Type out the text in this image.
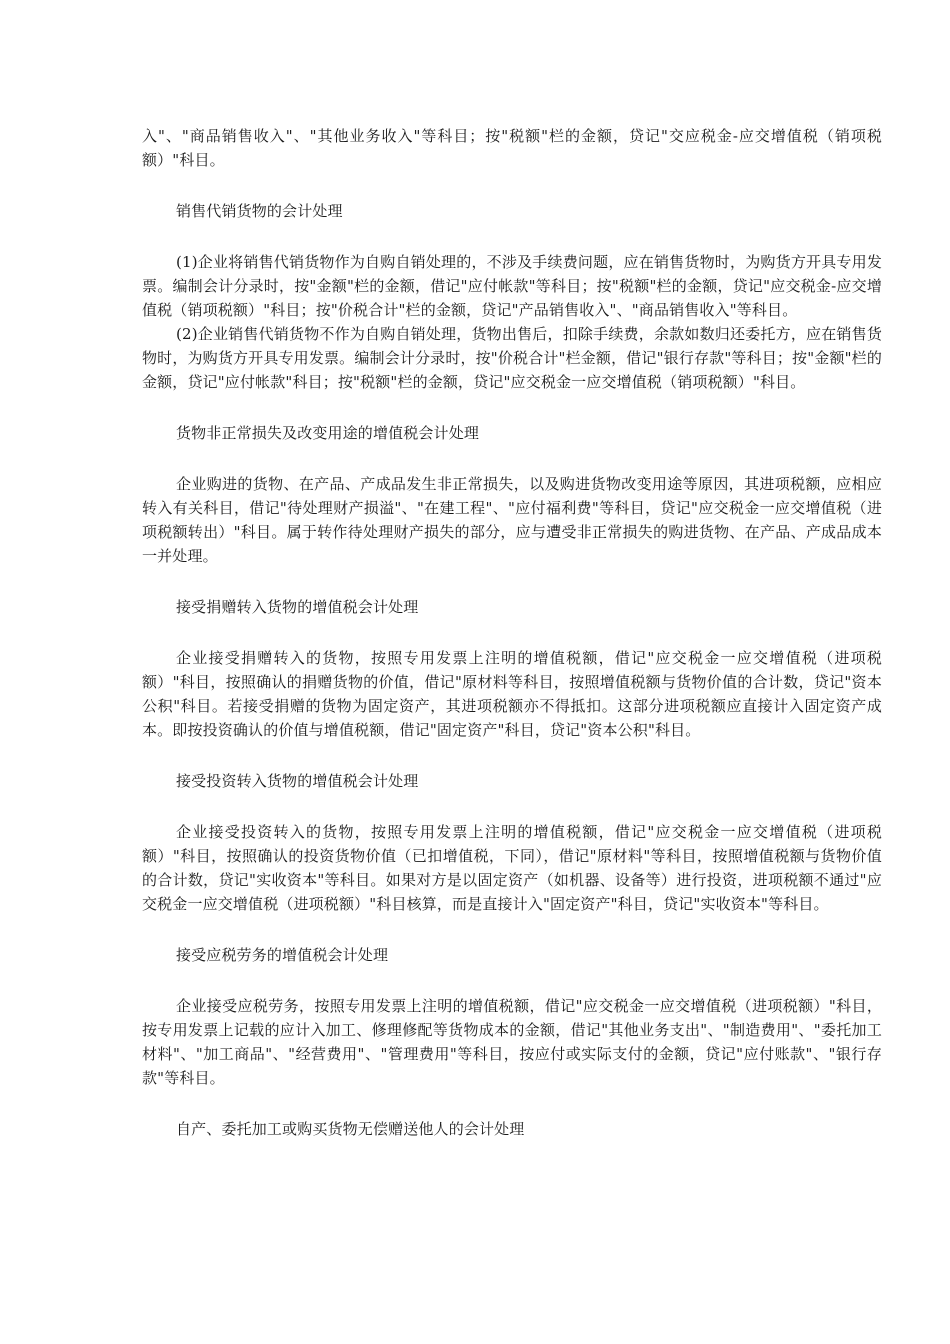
入"、"商品销售收入"、"其他业务收入"等科目；按"税额"栏的金额，贷记"交应税金-应交增值税（销项税额）"科目。

销售代销货物的会计处理

(1)企业将销售代销货物作为自购自销处理的，不涉及手续费问题，应在销售货物时，为购货方开具专用发票。编制会计分录时，按"金额"栏的金额，借记"应付帐款"等科目；按"税额"栏的金额，贷记"应交税金-应交增值税（销项税额）"科目；按"价税合计"栏的金额，贷记"产品销售收入"、"商品销售收入"等科目。

(2)企业销售代销货物不作为自购自销处理，货物出售后，扣除手续费，余款如数归还委托方，应在销售货物时，为购货方开具专用发票。编制会计分录时，按"价税合计"栏金额，借记"银行存款"等科目；按"金额"栏的金额，贷记"应付帐款"科目；按"税额"栏的金额，贷记"应交税金一应交增值税（销项税额）"科目。

货物非正常损失及改变用途的增值税会计处理

企业购进的货物、在产品、产成品发生非正常损失，以及购进货物改变用途等原因，其进项税额，应相应转入有关科目，借记"待处理财产损溢"、"在建工程"、"应付福利费"等科目，贷记"应交税金一应交增值税（进项税额转出）"科目。属于转作待处理财产损失的部分，应与遭受非正常损失的购进货物、在产品、产成品成本一并处理。

接受捐赠转入货物的增值税会计处理

企业接受捐赠转入的货物，按照专用发票上注明的增值税额，借记"应交税金一应交增值税（进项税额）"科目，按照确认的捐赠货物的价值，借记"原材料等科目，按照增值税额与货物价值的合计数，贷记"资本公积"科目。若接受捐赠的货物为固定资产，其进项税额亦不得抵扣。这部分进项税额应直接计入固定资产成本。即按投资确认的价值与增值税额，借记"固定资产"科目，贷记"资本公积"科目。

接受投资转入货物的增值税会计处理

企业接受投资转入的货物，按照专用发票上注明的增值税额，借记"应交税金一应交增值税（进项税额）"科目，按照确认的投资货物价值（已扣增值税，下同），借记"原材料"等科目，按照增值税额与货物价值的合计数，贷记"实收资本"等科目。如果对方是以固定资产（如机器、设备等）进行投资，进项税额不通过"应交税金一应交增值税（进项税额）"科目核算，而是直接计入"固定资产"科目，贷记"实收资本"等科目。

接受应税劳务的增值税会计处理

企业接受应税劳务，按照专用发票上注明的增值税额，借记"应交税金一应交增值税（进项税额）"科目，按专用发票上记载的应计入加工、修理修配等货物成本的金额，借记"其他业务支出"、"制造费用"、"委托加工材料"、"加工商品"、"经营费用"、"管理费用"等科目，按应付或实际支付的金额，贷记"应付账款"、"银行存款"等科目。

自产、委托加工或购买货物无偿赠送他人的会计处理
